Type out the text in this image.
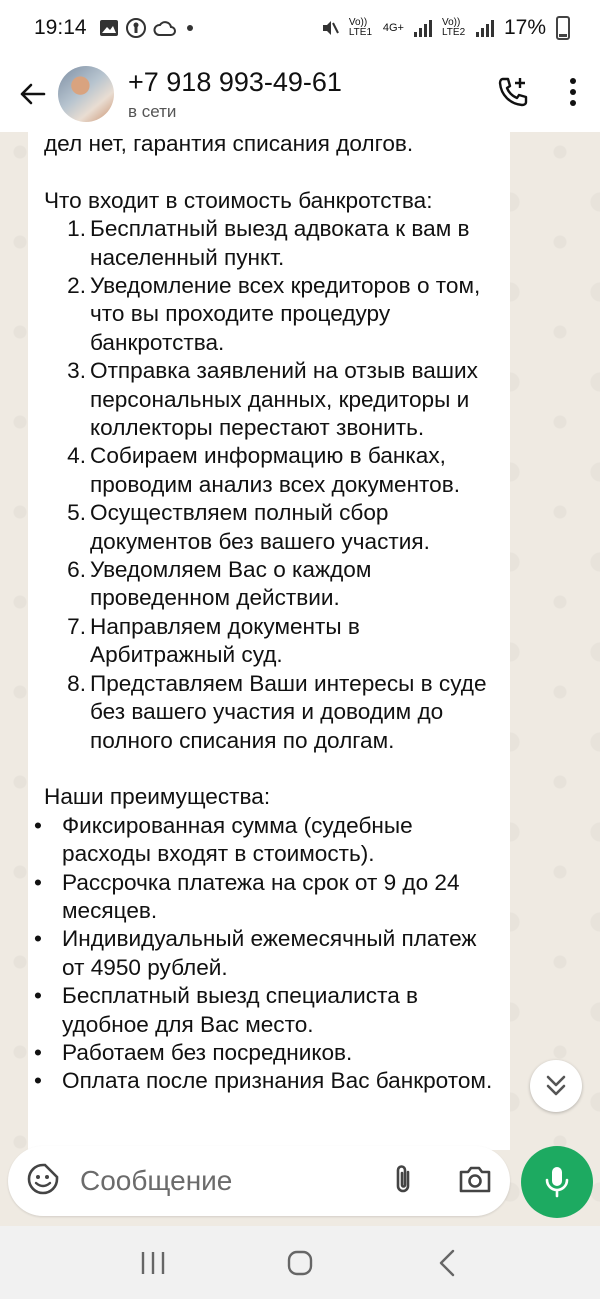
19:14	Vo)) LTE1 4G+	Vo)) LTE2 17%
+7 918 993-49-61
в сети

дел нет, гарантия списания долгов.

Что входит в стоимость банкротства:

1. Бесплатный выезд адвоката к вам в населенный пункт.
2. Уведомление всех кредиторов о том, что вы проходите процедуру банкротства.
3. Отправка заявлений на отзыв ваших персональных данных, кредиторы и коллекторы перестают звонить.
4. Собираем информацию в банках, проводим анализ всех документов.
5. Осуществляем полный сбор документов без вашего участия.
6. Уведомляем Вас о каждом проведенном действии.
7. Направляем документы в Арбитражный суд.
8. Представляем Ваши интересы в суде без вашего участия и доводим до полного списания по долгам.

Наши преимущества:

• Фиксированная сумма (судебные расходы входят в стоимость).
• Рассрочка платежа на срок от 9 до 24 месяцев.
• Индивидуальный ежемесячный платеж от 4950 рублей.
• Бесплатный выезд специалиста в удобное для Вас место.
• Работаем без посредников.
• Оплата после признания Вас банкротом.
Сообщение
